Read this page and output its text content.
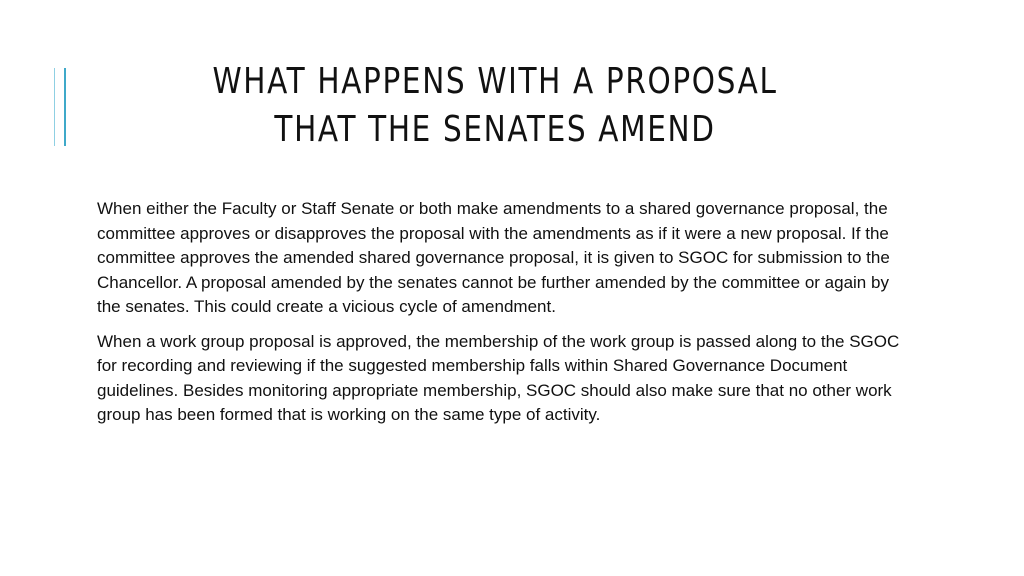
WHAT HAPPENS WITH A PROPOSAL THAT THE SENATES AMEND

When either the Faculty or Staff Senate or both make amendments to a shared governance proposal, the committee approves or disapproves the proposal with the amendments as if it were a new proposal. If the committee approves the amended shared governance proposal, it is given to SGOC for submission to the Chancellor. A proposal amended by the senates cannot be further amended by the committee or again by the senates. This could create a vicious cycle of amendment.

When a work group proposal is approved, the membership of the work group is passed along to the SGOC for recording and reviewing if the suggested membership falls within Shared Governance Document guidelines. Besides monitoring appropriate membership, SGOC should also make sure that no other work group has been formed that is working on the same type of activity.
